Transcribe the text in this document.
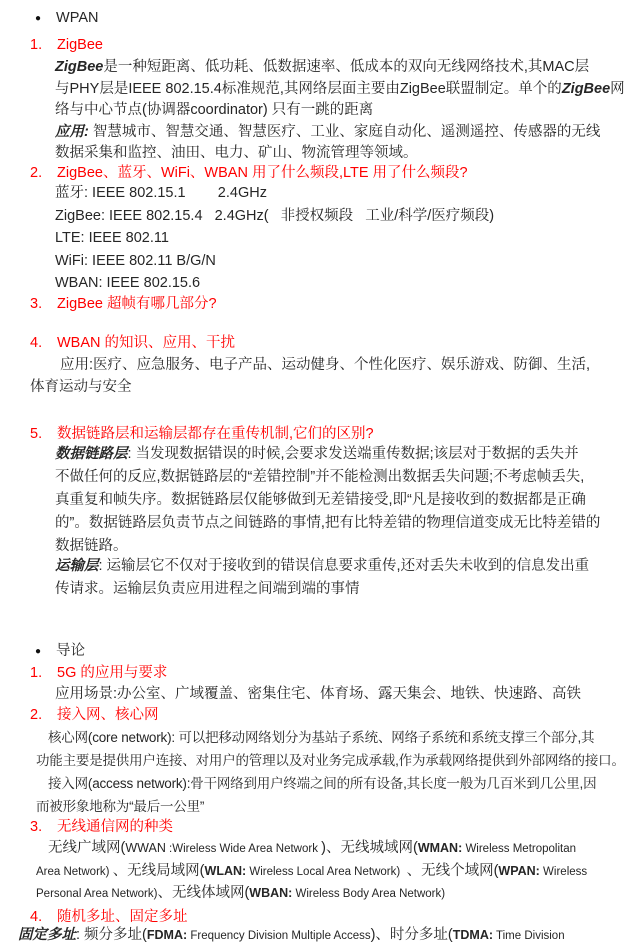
● WPAN
1. ZigBee
ZigBee是一种短距离、低功耗、低数据速率、低成本的双向无线网络技术,其MAC层
与PHY层是IEEE 802.15.4标准规范,其网络层面主要由ZigBee联盟制定。单个的ZigBee网
络与中心节点(协调器coordinator) 只有一跳的距离
应用: 智慧城市、智慧交通、智慧医疗、工业、家庭自动化、遥测遥控、传感器的无线
数据采集和监控、油田、电力、矿山、物流管理等领域。
2. ZigBee、蓝牙、WiFi、WBAN 用了什么频段,LTE 用了什么频段?
蓝牙: IEEE 802.15.1        2.4GHz
ZigBee: IEEE 802.15.4   2.4GHz(   非授权频段   工业/科学/医疗频段)
LTE: IEEE 802.11
WiFi: IEEE 802.11 B/G/N
WBAN: IEEE 802.15.6
3. ZigBee 超帧有哪几部分?
4. WBAN 的知识、应用、干扰
应用:医疗、应急服务、电子产品、运动健身、个性化医疗、娱乐游戏、防御、生活,
体育运动与安全
5. 数据链路层和运输层都存在重传机制,它们的区别?
数据链路层: 当发现数据错误的时候,会要求发送端重传数据;该层对于数据的丢失并
不做任何的反应,数据链路层的“差错控制”并不能检测出数据丢失问题;不考虑帧丢失,
真重复和帧失序。数据链路层仅能够做到无差错接受,即“凡是接收到的数据都是正确
的”。数据链路层负责节点之间链路的事情,把有比特差错的物理信道变成无比特差错的
数据链路。
运输层: 运输层它不仅对于接收到的错误信息要求重传,还对丢失未收到的信息发出重
传请求。运输层负责应用进程之间端到端的事情
● 导论
1. 5G 的应用与要求
应用场景:办公室、广域覆盖、密集住宅、体育场、露天集会、地铁、快速路、高铁
2. 接入网、核心网
核心网(core network): 可以把移动网络划分为基站子系统、网络子系统和系统支撑三个部分,其
功能主要是提供用户连接、对用户的管理以及对业务完成承载,作为承载网络提供到外部网络的接口。
接入网(access network):骨干网络到用户终端之间的所有设备,其长度一般为几百米到几公里,因
而被形象地称为“最后一公里”
3. 无线通信网的种类
无线广域网(WWAN :Wireless Wide Area Network )、无线城域网(WMAN: Wireless Metropolitan
Area Network) 、无线局域网(WLAN: Wireless Local Area Network)  、无线个域网(WPAN: Wireless
Personal Area Network)、无线体域网(WBAN: Wireless Body Area Network)
4. 随机多址、固定多址
固定多址: 频分多址(FDMA: Frequency Division Multiple Access)、时分多址(TDMA: Time Division
